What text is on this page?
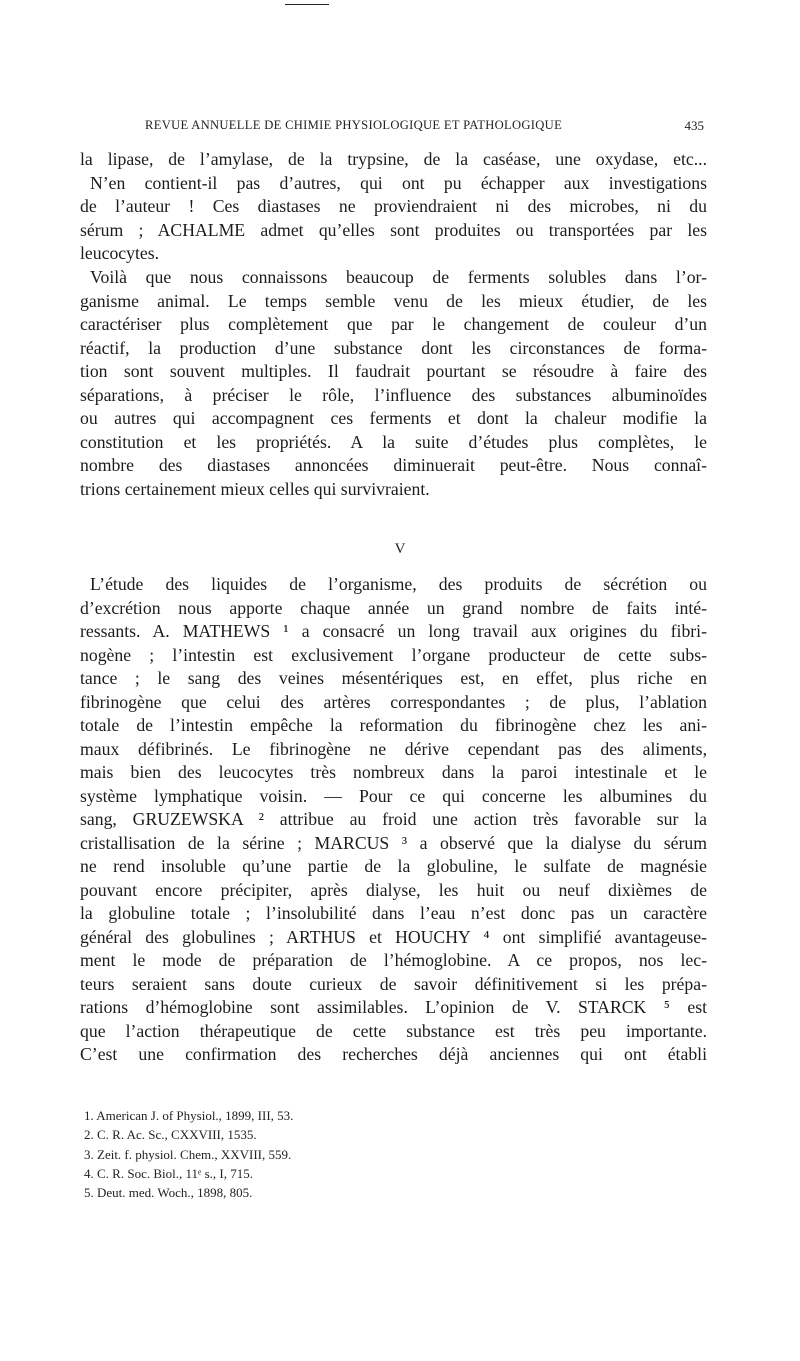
REVUE ANNUELLE DE CHIMIE PHYSIOLOGIQUE ET PATHOLOGIQUE	435
la lipase, de l’amylase, de la trypsine, de la caséase, une oxydase, etc...
N’en contient-il pas d’autres, qui ont pu échapper aux investigations
de l’auteur ! Ces diastases ne proviendraient ni des microbes, ni du
sérum ; ACHALME admet qu’elles sont produites ou transportées par les
leucocytes.
Voilà que nous connaissons beaucoup de ferments solubles dans l’or-
ganisme animal. Le temps semble venu de les mieux étudier, de les
caractériser plus complètement que par le changement de couleur d’un
réactif, la production d’une substance dont les circonstances de forma-
tion sont souvent multiples. Il faudrait pourtant se résoudre à faire des
séparations, à préciser le rôle, l’influence des substances albuminoïdes
ou autres qui accompagnent ces ferments et dont la chaleur modifie la
constitution et les propriétés. A la suite d’études plus complètes, le
nombre des diastases annoncées diminuerait peut-être. Nous connaî-
trions certainement mieux celles qui survivraient.
V
L’étude des liquides de l’organisme, des produits de sécrétion ou
d’excrétion nous apporte chaque année un grand nombre de faits inté-
ressants. A. MATHEWS ¹ a consacré un long travail aux origines du fibri-
nogène ; l’intestin est exclusivement l’organe producteur de cette subs-
tance ; le sang des veines mésentériques est, en effet, plus riche en
fibrinogène que celui des artères correspondantes ; de plus, l’ablation
totale de l’intestin empêche la reformation du fibrinogène chez les ani-
maux défibrinés. Le fibrinogène ne dérive cependant pas des aliments,
mais bien des leucocytes très nombreux dans la paroi intestinale et le
système lymphatique voisin. — Pour ce qui concerne les albumines du
sang, GRUZEWSKA ² attribue au froid une action très favorable sur la
cristallisation de la sérine ; MARCUS ³ a observé que la dialyse du sérum
ne rend insoluble qu’une partie de la globuline, le sulfate de magnésie
pouvant encore précipiter, après dialyse, les huit ou neuf dixièmes de
la globuline totale ; l’insolubilité dans l’eau n’est donc pas un caractère
général des globulines ; ARTHUS et HOUCHY ⁴ ont simplifié avantageuse-
ment le mode de préparation de l’hémoglobine. A ce propos, nos lec-
teurs seraient sans doute curieux de savoir définitivement si les prépa-
rations d’hémoglobine sont assimilables. L’opinion de V. STARCK ⁵ est
que l’action thérapeutique de cette substance est très peu importante.
C’est une confirmation des recherches déjà anciennes qui ont établi
1. American J. of Physiol., 1899, III, 53.
2. C. R. Ac. Sc., CXXVIII, 1535.
3. Zeit. f. physiol. Chem., XXVIII, 559.
4. C. R. Soc. Biol., 11ᵉ s., I, 715.
5. Deut. med. Woch., 1898, 805.
